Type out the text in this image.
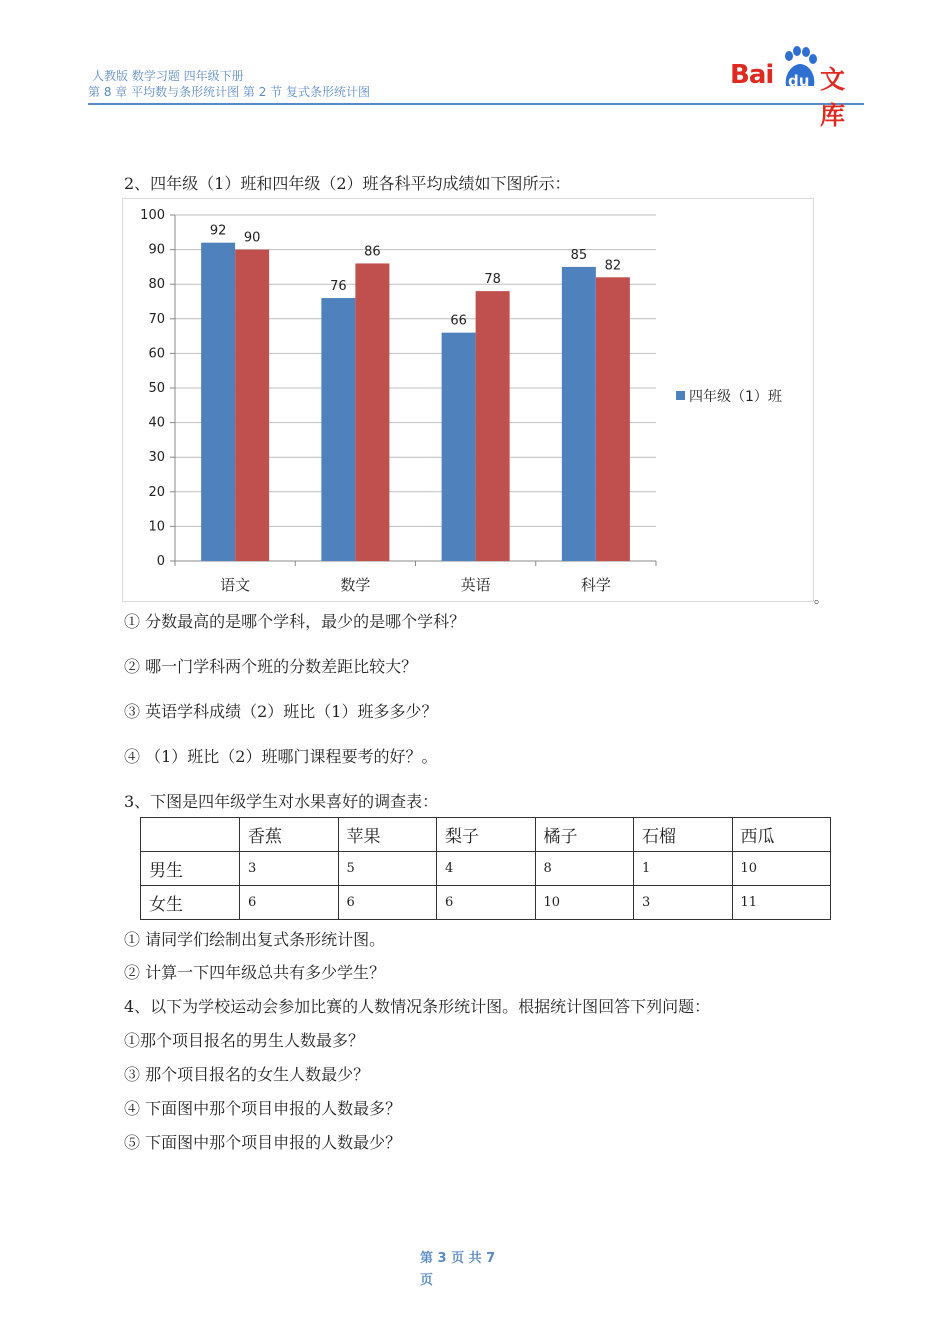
人教版 数学习题 四年级下册
第 8 章 平均数与条形统计图 第 2 节 复式条形统计图
Bai du 文库
2、四年级（1）班和四年级（2）班各科平均成绩如下图所示：
0
10
20
30
40
50
60
70
80
90
100
92 90
语文
76
86
数学
66
78
英语
85
82
科学
四年级（1）班
。
① 分数最高的是哪个学科，最少的是哪个学科？
② 哪一门学科两个班的分数差距比较大？
③ 英语学科成绩（2）班比（1）班多多少？
④ （1）班比（2）班哪门课程要考的好？。
3、下图是四年级学生对水果喜好的调查表：
	香蕉	苹果	梨子	橘子	石榴	西瓜
男生	3	5	4	8	1	10
女生	6	6	6	10	3	11
① 请同学们绘制出复式条形统计图。
② 计算一下四年级总共有多少学生？
4、以下为学校运动会参加比赛的人数情况条形统计图。根据统计图回答下列问题：
①那个项目报名的男生人数最多？
③ 那个项目报名的女生人数最少？
④ 下面图中那个项目申报的人数最多？
⑤ 下面图中那个项目申报的人数最少？
第 3 页 共 7
页
